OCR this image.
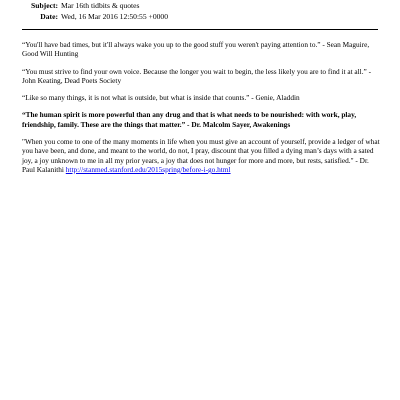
Subject: Mar 16th tidbits & quotes
Date: Wed, 16 Mar 2016 12:50:55 +0000

“You'll have bad times, but it'll always wake you up to the good stuff you weren't paying attention to.” - Sean Maguire, Good Will Hunting

“You must strive to find your own voice. Because the longer you wait to begin, the less likely you are to find it at all.” - John Keating, Dead Poets Society

“Like so many things, it is not what is outside, but what is inside that counts.” - Genie, Aladdin

“The human spirit is more powerful than any drug and that is what needs to be nourished: with work, play, friendship, family. These are the things that matter.” - Dr. Malcolm Sayer, Awakenings

"When you come to one of the many moments in life when you must give an account of yourself, provide a ledger of what you have been, and done, and meant to the world, do not, I pray, discount that you filled a dying man’s days with a sated joy, a joy unknown to me in all my prior years, a joy that does not hunger for more and more, but rests, satisfied." - Dr. Paul Kalanithi http://stanmed.stanford.edu/2015spring/before-i-go.html
